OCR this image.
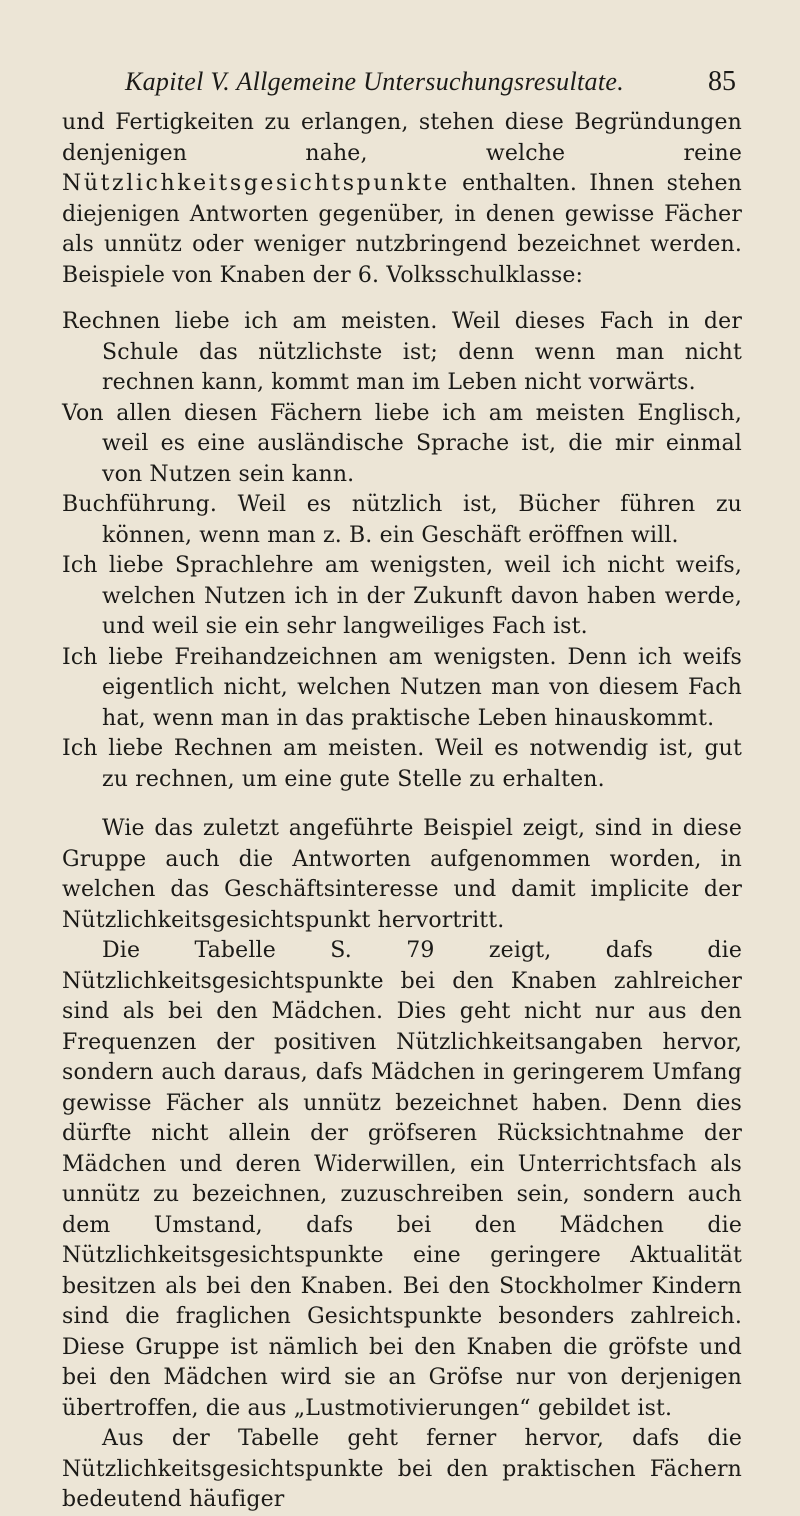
Kapitel V. Allgemeine Untersuchungsresultate.	85

und Fertigkeiten zu erlangen, stehen diese Begründungen denjenigen nahe, welche reine Nützlichkeitsgesichtspunkte enthalten. Ihnen stehen diejenigen Antworten gegenüber, in denen gewisse Fächer als unnütz oder weniger nutzbringend bezeichnet werden. Beispiele von Knaben der 6. Volksschulklasse:

Rechnen liebe ich am meisten. Weil dieses Fach in der Schule das nützlichste ist; denn wenn man nicht rechnen kann, kommt man im Leben nicht vorwärts.
Von allen diesen Fächern liebe ich am meisten Englisch, weil es eine ausländische Sprache ist, die mir einmal von Nutzen sein kann.
Buchführung. Weil es nützlich ist, Bücher führen zu können, wenn man z. B. ein Geschäft eröffnen will.
Ich liebe Sprachlehre am wenigsten, weil ich nicht weifs, welchen Nutzen ich in der Zukunft davon haben werde, und weil sie ein sehr langweiliges Fach ist.
Ich liebe Freihandzeichnen am wenigsten. Denn ich weifs eigentlich nicht, welchen Nutzen man von diesem Fach hat, wenn man in das praktische Leben hinauskommt.
Ich liebe Rechnen am meisten. Weil es notwendig ist, gut zu rechnen, um eine gute Stelle zu erhalten.

Wie das zuletzt angeführte Beispiel zeigt, sind in diese Gruppe auch die Antworten aufgenommen worden, in welchen das Geschäftsinteresse und damit implicite der Nützlichkeitsgesichtspunkt hervortritt.

Die Tabelle S. 79 zeigt, dafs die Nützlichkeitsgesichtspunkte bei den Knaben zahlreicher sind als bei den Mädchen. Dies geht nicht nur aus den Frequenzen der positiven Nützlichkeitsangaben hervor, sondern auch daraus, dafs Mädchen in geringerem Umfang gewisse Fächer als unnütz bezeichnet haben. Denn dies dürfte nicht allein der gröfseren Rücksichtnahme der Mädchen und deren Widerwillen, ein Unterrichtsfach als unnütz zu bezeichnen, zuzuschreiben sein, sondern auch dem Umstand, dafs bei den Mädchen die Nützlichkeitsgesichtspunkte eine geringere Aktualität besitzen als bei den Knaben. Bei den Stockholmer Kindern sind die fraglichen Gesichtspunkte besonders zahlreich. Diese Gruppe ist nämlich bei den Knaben die gröfste und bei den Mädchen wird sie an Gröfse nur von derjenigen übertroffen, die aus „Lustmotivierungen“ gebildet ist.

Aus der Tabelle geht ferner hervor, dafs die Nützlichkeitsgesichtspunkte bei den praktischen Fächern bedeutend häufiger
